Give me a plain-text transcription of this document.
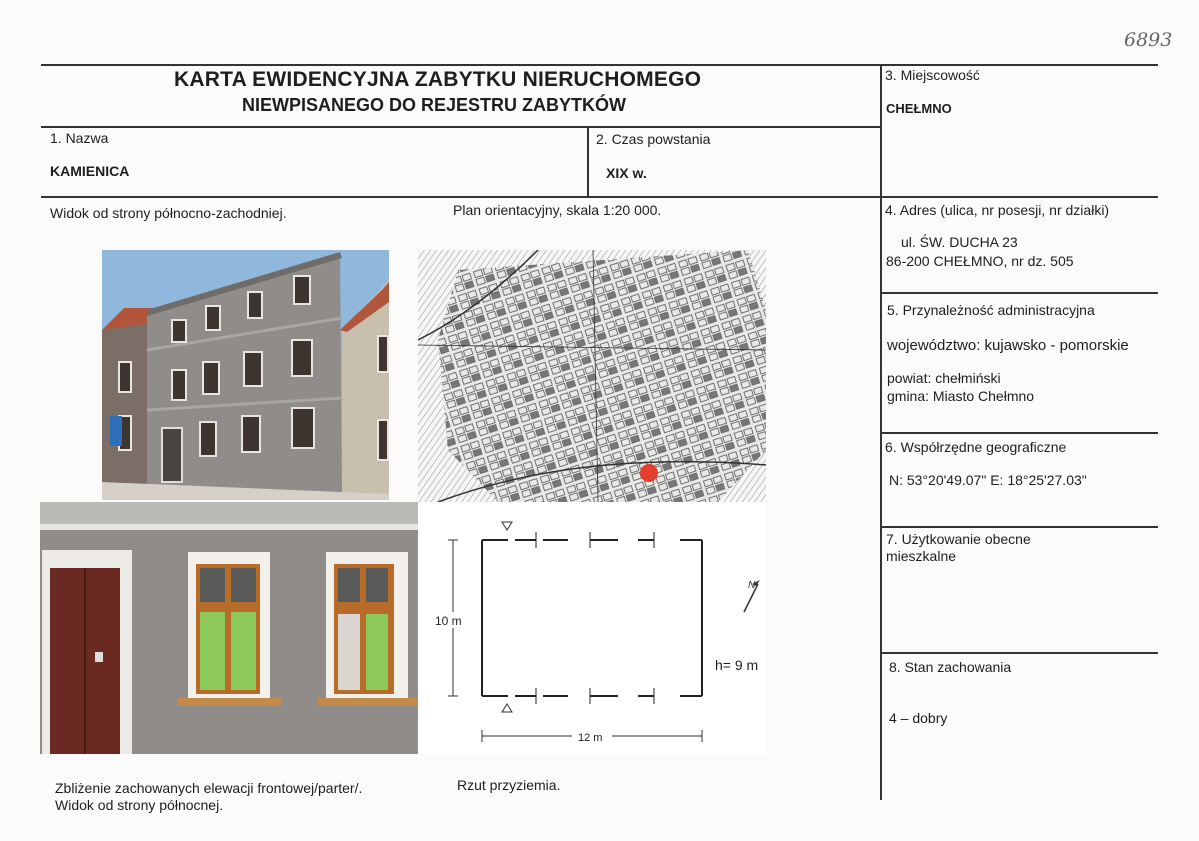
6893
KARTA EWIDENCYJNA ZABYTKU NIERUCHOMEGO
NIEWPISANEGO DO REJESTRU ZABYTKÓW
1. Nazwa
KAMIENICA
2. Czas powstania
XIX w.
3. Miejscowość
CHEŁMNO
4. Adres (ulica, nr posesji, nr działki)
ul. ŚW. DUCHA 23
86-200 CHEŁMNO, nr dz. 505
5. Przynależność administracyjna
województwo: kujawsko - pomorskie
powiat: chełmiński
gmina: Miasto Chełmno
6. Współrzędne geograficzne
N: 53°20'49.07" E: 18°25'27.03"
7. Użytkowanie obecne
mieszkalne
8. Stan zachowania
4 – dobry
Widok od strony północno-zachodniej.	Plan orientacyjny, skala 1:20 000.
Zbliżenie zachowanych elewacji frontowej/parter/.
Widok od strony północnej.
Rzut przyziemia.
N
10 m
12 m
h= 9 m
